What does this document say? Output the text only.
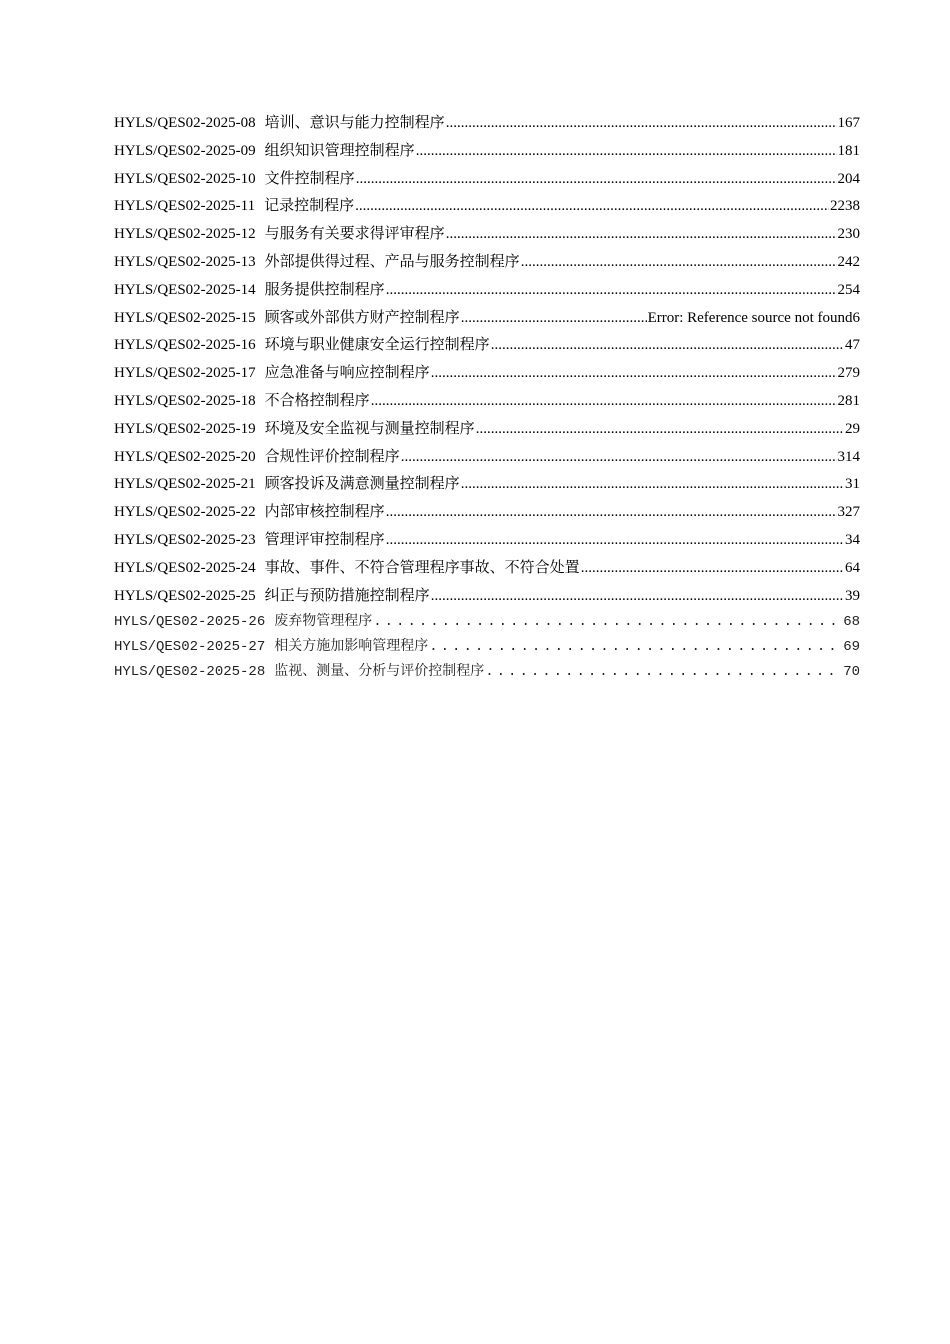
HYLS/QES02-2025-08 培训、意识与能力控制程序 .....	167
HYLS/QES02-2025-09 组织知识管理控制程序 .....	181
HYLS/QES02-2025-10 文件控制程序 .....	204
HYLS/QES02-2025-11 记录控制程序 .....	2238
HYLS/QES02-2025-12 与服务有关要求得评审程序 .....	230
HYLS/QES02-2025-13 外部提供得过程、产品与服务控制程序 .....	242
HYLS/QES02-2025-14 服务提供控制程序 .....	254
HYLS/QES02-2025-15 顾客或外部供方财产控制程序 .....	Error: Reference source not found6
HYLS/QES02-2025-16 环境与职业健康安全运行控制程序 .....	47
HYLS/QES02-2025-17 应急准备与响应控制程序 .....	279
HYLS/QES02-2025-18 不合格控制程序 .....	281
HYLS/QES02-2025-19 环境及安全监视与测量控制程序 .....	29
HYLS/QES02-2025-20 合规性评价控制程序 .....	314
HYLS/QES02-2025-21 顾客投诉及满意测量控制程序 .....	31
HYLS/QES02-2025-22 内部审核控制程序 .....	327
HYLS/QES02-2025-23 管理评审控制程序 .....	34
HYLS/QES02-2025-24 事故、事件、不符合管理程序事故、不符合处置 .....	64
HYLS/QES02-2025-25 纠正与预防措施控制程序 .....	39
HYLS/QES02-2025-26 废弃物管理程序 .....	68
HYLS/QES02-2025-27 相关方施加影响管理程序 .....	69
HYLS/QES02-2025-28 监视、测量、分析与评价控制程序 .....	70
